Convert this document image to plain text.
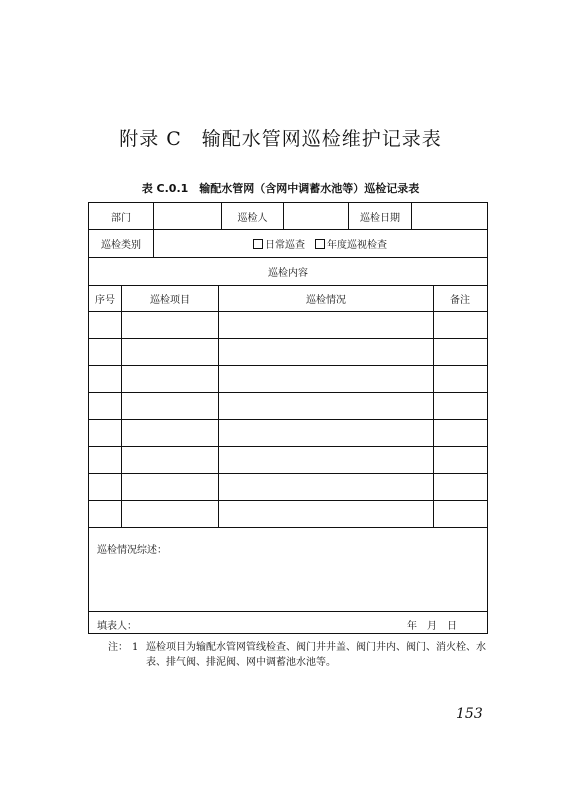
附录 C　输配水管网巡检维护记录表
表 C.0.1　输配水管网（含网中调蓄水池等）巡检记录表
部门	巡检人	巡检日期
巡检类别	日常巡查 年度巡视检查
巡检内容
序号	巡检项目	巡检情况	备注
巡检情况综述：
填表人：	年　月　日
注： 1 巡检项目为输配水管网管线检查、阀门井井盖、阀门井内、阀门、消火栓、水表、排气阀、排泥阀、网中调蓄池水池等。
153
